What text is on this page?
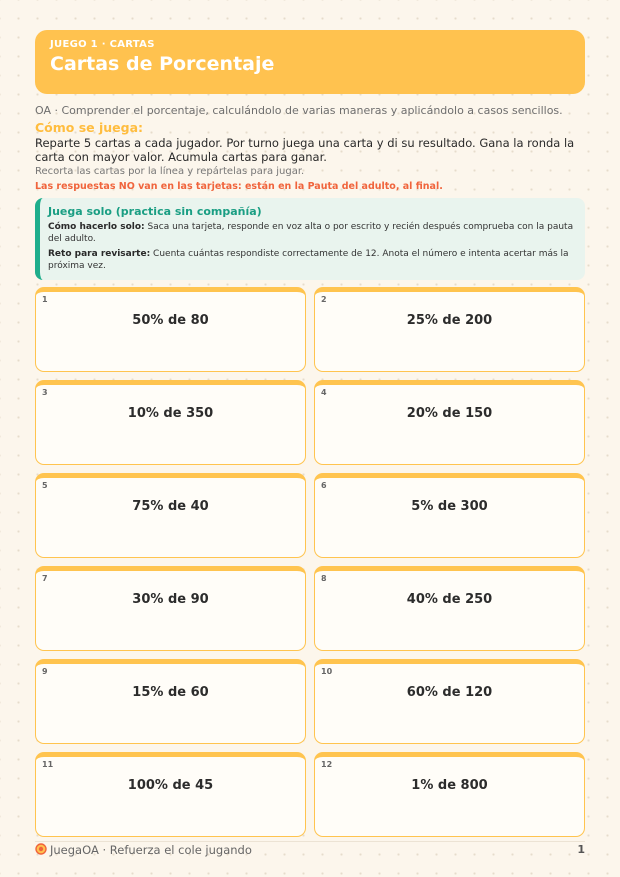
JUEGO 1 · CARTAS
Cartas de Porcentaje
OA · Comprender el porcentaje, calculándolo de varias maneras y aplicándolo a casos sencillos.
Cómo se juega:
Reparte 5 cartas a cada jugador. Por turno juega una carta y di su resultado. Gana la ronda la carta con mayor valor. Acumula cartas para ganar.
Recorta las cartas por la línea y repártelas para jugar.
Las respuestas NO van en las tarjetas: están en la Pauta del adulto, al final.
Juega solo (practica sin compañía)

Cómo hacerlo solo: Saca una tarjeta, responde en voz alta o por escrito y recién después comprueba con la pauta del adulto.

Reto para revisarte: Cuenta cuántas respondiste correctamente de 12. Anota el número e intenta acertar más la próxima vez.

1
50% de 80
2
25% de 200
3
10% de 350
4
20% de 150
5
75% de 40
6
5% de 300
7
30% de 90
8
40% de 250
9
15% de 60
10
60% de 120
11
100% de 45
12
1% de 800
JuegaOA · Refuerza el cole jugando	1
